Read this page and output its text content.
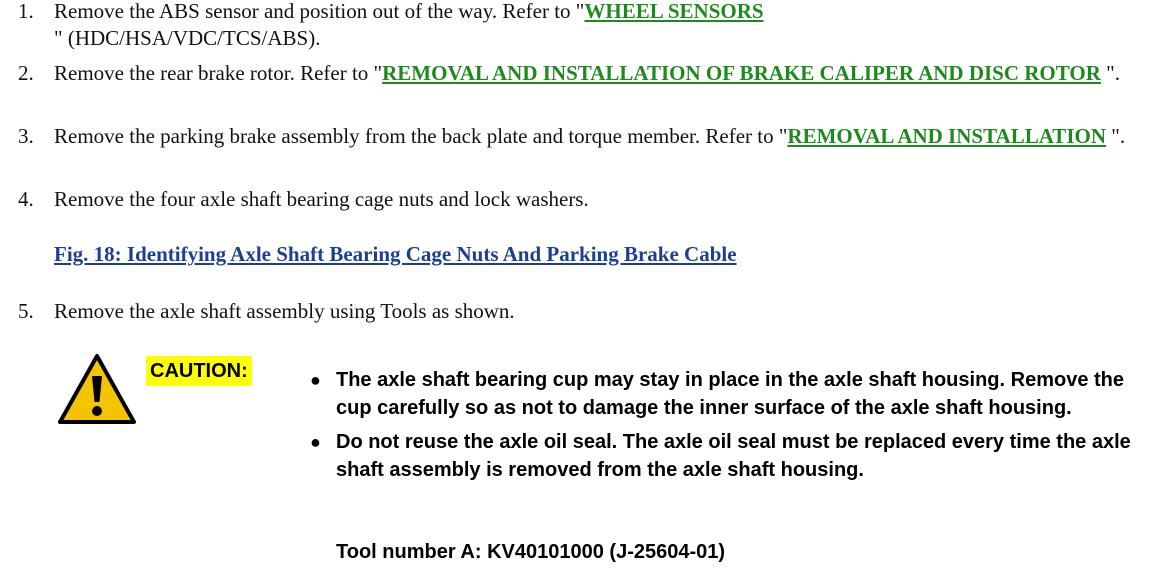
1. Remove the ABS sensor and position out of the way. Refer to "WHEEL SENSORS
" (HDC/HSA/VDC/TCS/ABS).
2. Remove the rear brake rotor. Refer to "REMOVAL AND INSTALLATION OF BRAKE CALIPER AND DISC ROTOR ".
3. Remove the parking brake assembly from the back plate and torque member. Refer to "REMOVAL AND INSTALLATION ".
4. Remove the four axle shaft bearing cage nuts and lock washers.
Fig. 18: Identifying Axle Shaft Bearing Cage Nuts And Parking Brake Cable
5. Remove the axle shaft assembly using Tools as shown.
CAUTION:	● The axle shaft bearing cup may stay in place in the axle shaft housing. Remove the cup carefully so as not to damage the inner surface of the axle shaft housing.
● Do not reuse the axle oil seal. The axle oil seal must be replaced every time the axle shaft assembly is removed from the axle shaft housing.
Tool number A: KV40101000 (J-25604-01)
